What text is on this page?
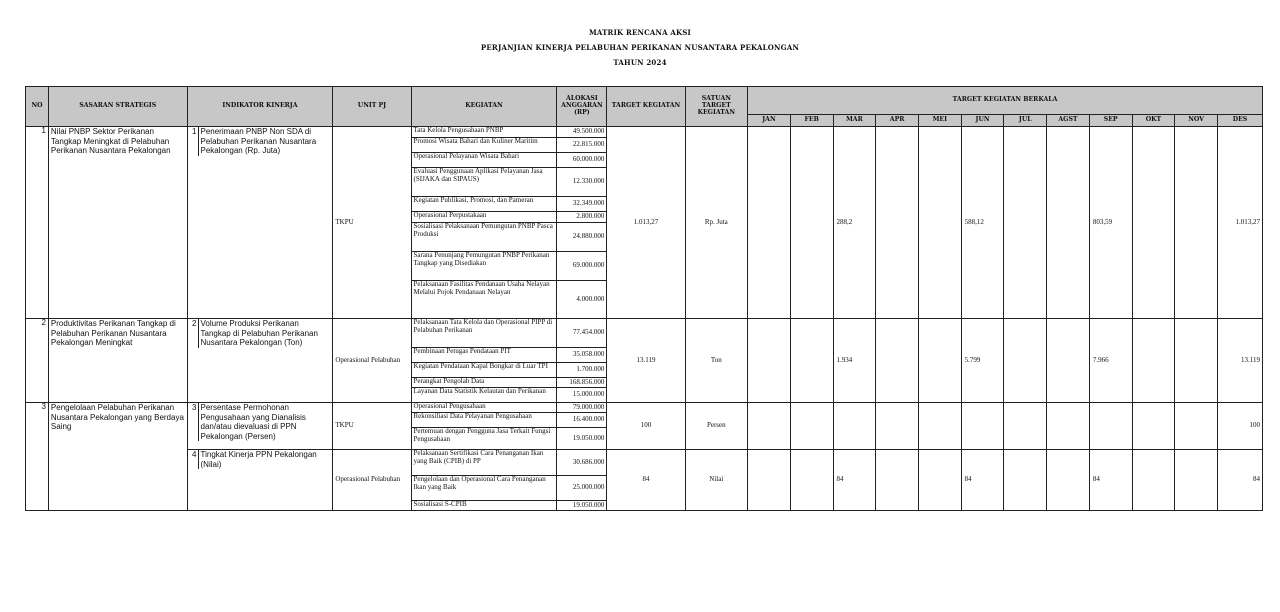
MATRIK RENCANA AKSI
PERJANJIAN KINERJA PELABUHAN PERIKANAN NUSANTARA PEKALONGAN
TAHUN 2024
NO	SASARAN STRATEGIS	INDIKATOR KINERJA	UNIT PJ	KEGIATAN	ALOKASI ANGGARAN (RP)	TARGET KEGIATAN	SATUAN TARGET KEGIATAN	TARGET KEGIATAN BERKALA											
								JAN	FEB	MAR	APR	MEI	JUN	JUL	AGST	SEP	OKT	NOV	DES
1	Nilai PNBP Sektor Perikanan Tangkap Meningkat di Pelabuhan Perikanan Nusantara Pekalongan	1 Penerimaan PNBP Non SDA di Pelabuhan Perikanan Nusantara Pekalongan (Rp. Juta)	TKPU	Tata Kelola Pengusahaan PNBP	49.500.000	1.013,27	Rp. Juta			288,2			588,12			803,59			1.013,27
				Promosi Wisata Bahari dan Kuliner Maritim	22.815.000														
				Operasional Pelayanan Wisata Bahari	60.000.000														
				Evaluasi Penggunaan Aplikasi Pelayanan Jasa (SIJAKA dan SIPAUS)	12.330.000														
				Kegiatan Publikasi, Promosi, dan Pameran	32.349.000														
				Operasional Perpustakaan	2.800.000														
				Sosialisasi Pelaksanaan Pemungutan PNBP Pasca Produksi	24.880.000														
				Sarana Penunjang Pemungutan PNBP Perikanan Tangkap yang Disediakan	69.000.000														
				Pelaksanaan Fasilitas Pendanaan Usaha Nelayan Melalui Pojok Pendanaan Nelayan	4.000.000														
2	Produktivitas Perikanan Tangkap di Pelabuhan Perikanan Nusantara Pekalongan Meningkat	2 Volume Produksi Perikanan Tangkap di Pelabuhan Perikanan Nusantara Pekalongan (Ton)	Operasional Pelabuhan	Pelaksanaan Tata Kelola dan Operasional PIPP di Pelabuhan Perikanan	77.454.000	13.119	Ton			1.934			5.799			7.966			13.119
				Pembinaan Petugas Pendataan PIT	35.058.000														
				Kegiatan Pendataan Kapal Bongkar di Luar TPI	1.700.000														
				Perangkat Pengolah Data	168.856.000														
				Layanan Data Statistik Kelautan dan Perikanan	15.000.000														
3	Pengelolaan Pelabuhan Perikanan Nusantara Pekalongan yang Berdaya Saing	3 Persentase Permohonan Pengusahaan yang Dianalisis dan/atau dievaluasi di PPN Pekalongan (Persen)	TKPU	Operasional Pengusahaan	79.000.000	100	Persen												100
				Rekonsiliasi Data Pelayanan Pengusahaan	16.400.000														
				Pertemuan dengan Pengguna Jasa Terkait Fungsi Pengusahaan	19.050.000														
		4 Tingkat Kinerja PPN Pekalongan (Nilai)	Operasional Pelabuhan	Pelaksanaan Sertifikasi Cara Penanganan Ikan yang Baik (CPIB) di PP	30.686.000	84	Nilai			84			84			84			84
				Pengelolaan dan Operasional Cara Penanganan Ikan yang Baik	25.000.000														
				Sosialisasi S-CPIB	19.050.000														
